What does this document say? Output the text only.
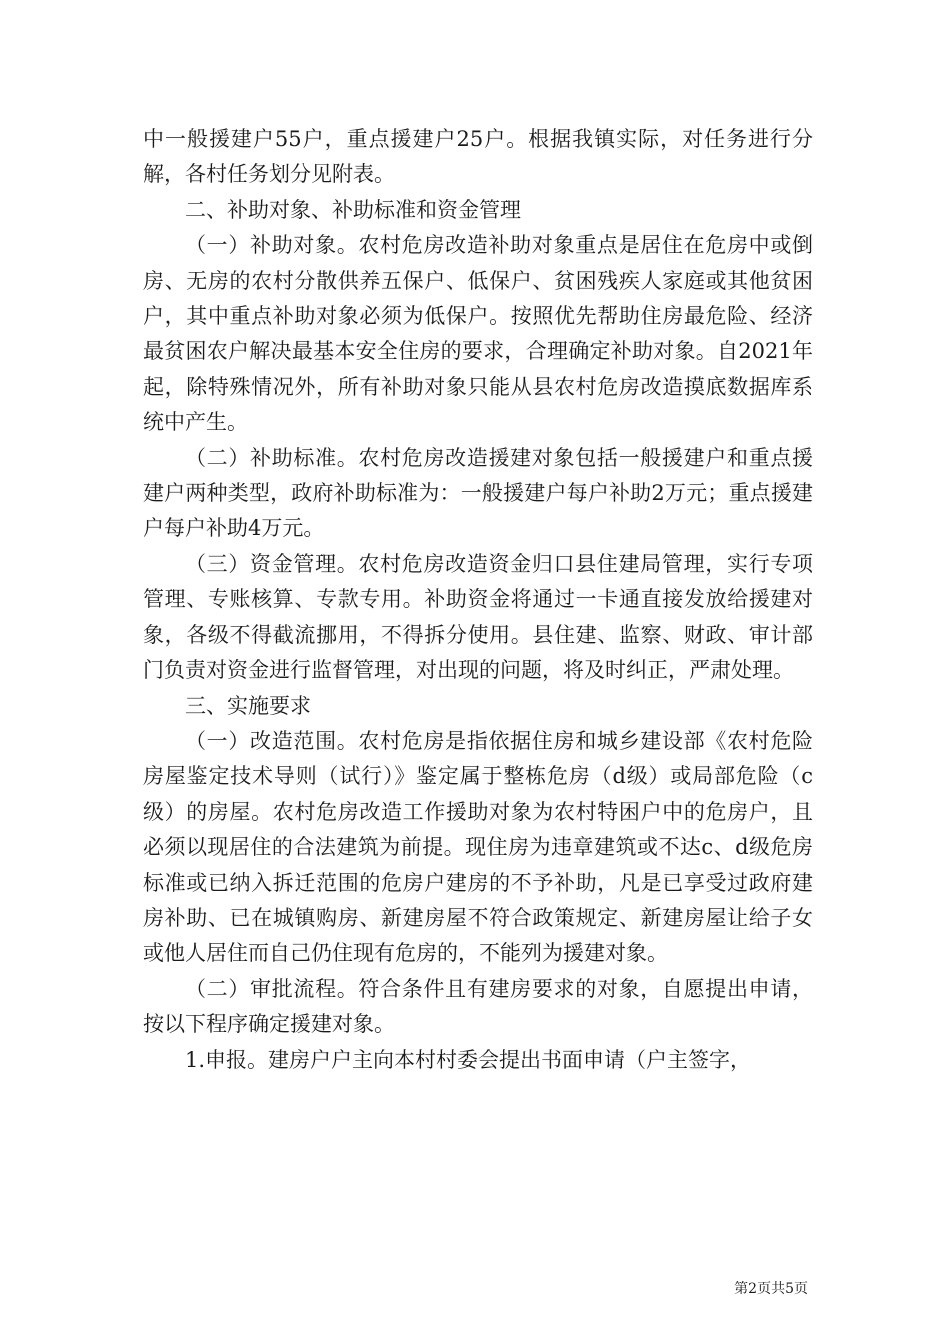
中一般援建户55户，重点援建户25户。根据我镇实际，对任务进行分解，各村任务划分见附表。

二、补助对象、补助标准和资金管理

（一）补助对象。农村危房改造补助对象重点是居住在危房中或倒房、无房的农村分散供养五保户、低保户、贫困残疾人家庭或其他贫困户，其中重点补助对象必须为低保户。按照优先帮助住房最危险、经济最贫困农户解决最基本安全住房的要求，合理确定补助对象。自2021年起，除特殊情况外，所有补助对象只能从县农村危房改造摸底数据库系统中产生。

（二）补助标准。农村危房改造援建对象包括一般援建户和重点援建户两种类型，政府补助标准为：一般援建户每户补助2万元；重点援建户每户补助4万元。

（三）资金管理。农村危房改造资金归口县住建局管理，实行专项管理、专账核算、专款专用。补助资金将通过一卡通直接发放给援建对象，各级不得截流挪用，不得拆分使用。县住建、监察、财政、审计部门负责对资金进行监督管理，对出现的问题，将及时纠正，严肃处理。

三、实施要求

（一）改造范围。农村危房是指依据住房和城乡建设部《农村危险房屋鉴定技术导则（试行）》鉴定属于整栋危房（d级）或局部危险（c级）的房屋。农村危房改造工作援助对象为农村特困户中的危房户，且必须以现居住的合法建筑为前提。现住房为违章建筑或不达c、d级危房标准或已纳入拆迁范围的危房户建房的不予补助，凡是已享受过政府建房补助、已在城镇购房、新建房屋不符合政策规定、新建房屋让给子女或他人居住而自己仍住现有危房的，不能列为援建对象。

（二）审批流程。符合条件且有建房要求的对象，自愿提出申请，按以下程序确定援建对象。

1.申报。建房户户主向本村村委会提出书面申请（户主签字，

第2页共5页
